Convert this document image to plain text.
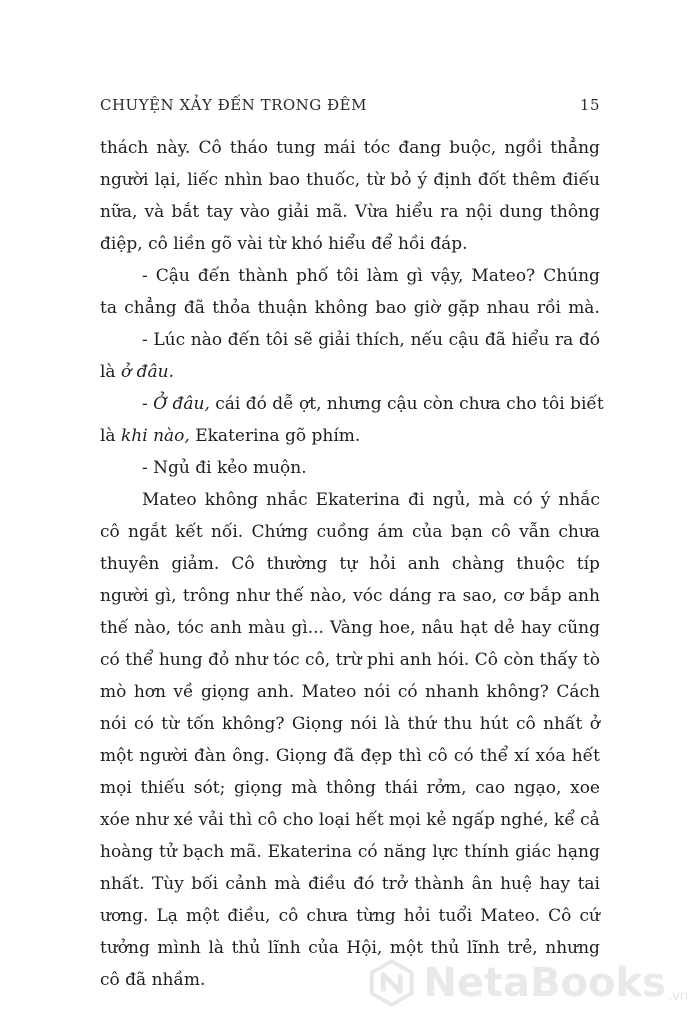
CHUYỆN XẢY ĐẾN TRONG ĐÊM	15
thách này. Cô tháo tung mái tóc đang buộc, ngồi thẳng
người lại, liếc nhìn bao thuốc, từ bỏ ý định đốt thêm điếu
nữa, và bắt tay vào giải mã. Vừa hiểu ra nội dung thông
điệp, cô liền gõ vài từ khó hiểu để hồi đáp.
- Cậu đến thành phố tôi làm gì vậy, Mateo? Chúng
ta chẳng đã thỏa thuận không bao giờ gặp nhau rồi mà.
- Lúc nào đến tôi sẽ giải thích, nếu cậu đã hiểu ra đó
là ở đâu.
- Ở đâu, cái đó dễ ợt, nhưng cậu còn chưa cho tôi biết
là khi nào, Ekaterina gõ phím.
- Ngủ đi kẻo muộn.
Mateo không nhắc Ekaterina đi ngủ, mà có ý nhắc
cô ngắt kết nối. Chứng cuồng ám của bạn cô vẫn chưa
thuyên giảm. Cô thường tự hỏi anh chàng thuộc típ
người gì, trông như thế nào, vóc dáng ra sao, cơ bắp anh
thế nào, tóc anh màu gì... Vàng hoe, nâu hạt dẻ hay cũng
có thể hung đỏ như tóc cô, trừ phi anh hói. Cô còn thấy tò
mò hơn về giọng anh. Mateo nói có nhanh không? Cách
nói có từ tốn không? Giọng nói là thứ thu hút cô nhất ở
một người đàn ông. Giọng đã đẹp thì cô có thể xí xóa hết
mọi thiếu sót; giọng mà thông thái rởm, cao ngạo, xoe
xóe như xé vải thì cô cho loại hết mọi kẻ ngấp nghé, kể cả
hoàng tử bạch mã. Ekaterina có năng lực thính giác hạng
nhất. Tùy bối cảnh mà điều đó trở thành ân huệ hay tai
ương. Lạ một điều, cô chưa từng hỏi tuổi Mateo. Cô cứ
tưởng mình là thủ lĩnh của Hội, một thủ lĩnh trẻ, nhưng
cô đã nhầm.	NetaBooks .vn
